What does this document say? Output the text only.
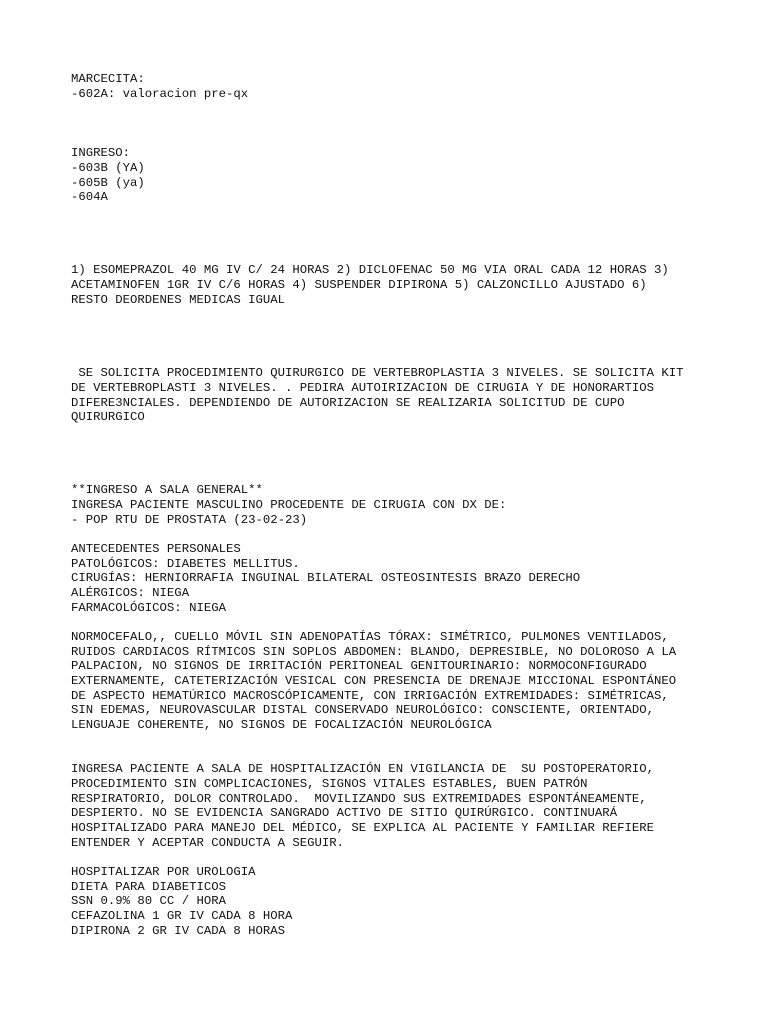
MARCECITA:

-602A: valoracion pre-qx

INGRESO:

-603B (YA)

-605B (ya)

-604A

1) ESOMEPRAZOL 40 MG IV C/ 24 HORAS 2) DICLOFENAC 50 MG VIA ORAL CADA 12 HORAS 3)

ACETAMINOFEN 1GR IV C/6 HORAS 4) SUSPENDER DIPIRONA 5) CALZONCILLO AJUSTADO 6)

RESTO DEORDENES MEDICAS IGUAL

SE SOLICITA PROCEDIMIENTO QUIRURGICO DE VERTEBROPLASTIA 3 NIVELES. SE SOLICITA KIT

DE VERTEBROPLASTI 3 NIVELES. . PEDIRA AUTOIRIZACION DE CIRUGIA Y DE HONORARTIOS

DIFERE3NCIALES. DEPENDIENDO DE AUTORIZACION SE REALIZARIA SOLICITUD DE CUPO

QUIRURGICO

**INGRESO A SALA GENERAL**

INGRESA PACIENTE MASCULINO PROCEDENTE DE CIRUGIA CON DX DE:

- POP RTU DE PROSTATA (23-02-23)

ANTECEDENTES PERSONALES

PATOLÓGICOS: DIABETES MELLITUS.

CIRUGÍAS: HERNIORRAFIA INGUINAL BILATERAL OSTEOSINTESIS BRAZO DERECHO

ALÉRGICOS: NIEGA

FARMACOLÓGICOS: NIEGA

NORMOCEFALO,, CUELLO MÓVIL SIN ADENOPATÍAS TÓRAX: SIMÉTRICO, PULMONES VENTILADOS,

RUIDOS CARDIACOS RÍTMICOS SIN SOPLOS ABDOMEN: BLANDO, DEPRESIBLE, NO DOLOROSO A LA

PALPACION, NO SIGNOS DE IRRITACIÓN PERITONEAL GENITOURINARIO: NORMOCONFIGURADO

EXTERNAMENTE, CATETERIZACIÓN VESICAL CON PRESENCIA DE DRENAJE MICCIONAL ESPONTÁNEO

DE ASPECTO HEMATÚRICO MACROSCÓPICAMENTE, CON IRRIGACIÓN EXTREMIDADES: SIMÉTRICAS,

SIN EDEMAS, NEUROVASCULAR DISTAL CONSERVADO NEUROLÓGICO: CONSCIENTE, ORIENTADO,

LENGUAJE COHERENTE, NO SIGNOS DE FOCALIZACIÓN NEUROLÓGICA

INGRESA PACIENTE A SALA DE HOSPITALIZACIÓN EN VIGILANCIA DE  SU POSTOPERATORIO,

PROCEDIMIENTO SIN COMPLICACIONES, SIGNOS VITALES ESTABLES, BUEN PATRÓN

RESPIRATORIO, DOLOR CONTROLADO.  MOVILIZANDO SUS EXTREMIDADES ESPONTÁNEAMENTE,

DESPIERTO. NO SE EVIDENCIA SANGRADO ACTIVO DE SITIO QUIRÚRGICO. CONTINUARÁ

HOSPITALIZADO PARA MANEJO DEL MÉDICO, SE EXPLICA AL PACIENTE Y FAMILIAR REFIERE

ENTENDER Y ACEPTAR CONDUCTA A SEGUIR.

HOSPITALIZAR POR UROLOGIA

DIETA PARA DIABETICOS

SSN 0.9% 80 CC / HORA

CEFAZOLINA 1 GR IV CADA 8 HORA

DIPIRONA 2 GR IV CADA 8 HORAS
